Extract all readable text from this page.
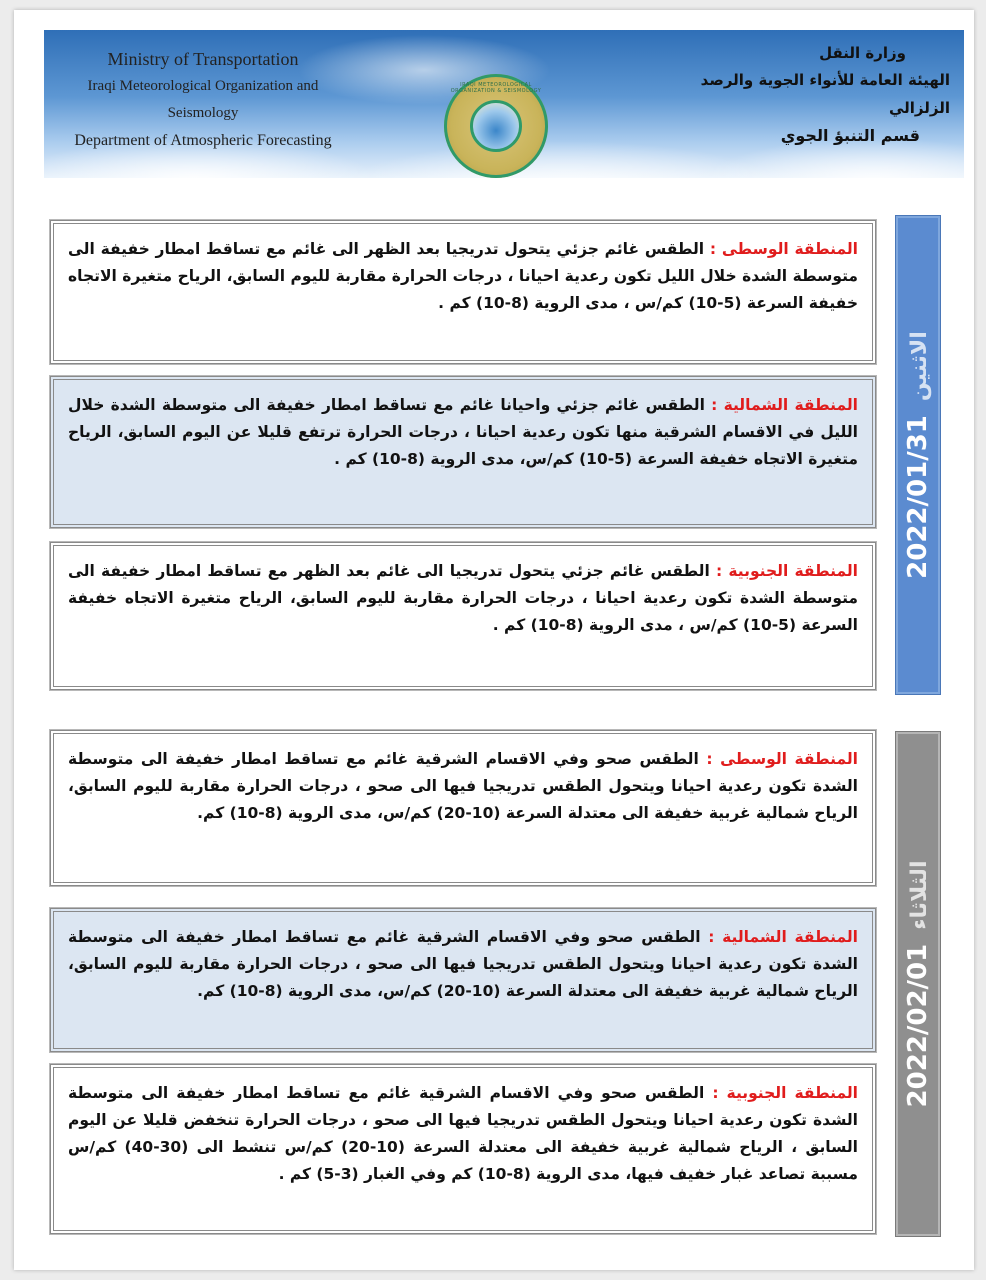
Ministry of Transportation
Iraqi Meteorological Organization and Seismology
Department of Atmospheric Forecasting
IRAQI METEOROLOGICAL ORGANIZATION & SEISMOLOGY
وزارة النقل
الهيئة العامة للأنواء الجوية والرصد الزلزالي
قسم التنبؤ الجوي
المنطقة الوسطى : الطقس غائم جزئي يتحول تدريجيا بعد الظهر الى غائم مع تساقط امطار خفيفة الى متوسطة الشدة خلال الليل تكون رعدية احيانا ، درجات الحرارة مقاربة لليوم السابق، الرياح متغيرة الاتجاه خفيفة السرعة (5-10) كم/س ، مدى الروية (8-10) كم .
المنطقة الشمالية : الطقس غائم جزئي واحيانا غائم مع تساقط امطار خفيفة الى متوسطة الشدة خلال الليل في الاقسام الشرقية منها تكون رعدية احيانا ، درجات الحرارة ترتفع قليلا عن اليوم السابق، الرياح متغيرة الاتجاه خفيفة السرعة (5-10) كم/س، مدى الروية (8-10) كم .
المنطقة الجنوبية : الطقس غائم جزئي يتحول تدريجيا الى غائم بعد الظهر مع تساقط امطار خفيفة الى متوسطة الشدة تكون رعدية احيانا ، درجات الحرارة مقاربة لليوم السابق، الرياح متغيرة الاتجاه خفيفة السرعة (5-10) كم/س ، مدى الروية (8-10) كم .
2022/01/31الاثنين
المنطقة الوسطى : الطقس صحو وفي الاقسام الشرقية غائم مع تساقط امطار خفيفة الى متوسطة الشدة تكون رعدية احيانا ويتحول الطقس تدريجيا فيها الى صحو ، درجات الحرارة مقاربة لليوم السابق، الرياح شمالية غربية خفيفة الى معتدلة السرعة (10-20) كم/س، مدى الروية (8-10) كم.
المنطقة الشمالية : الطقس صحو وفي الاقسام الشرقية غائم مع تساقط امطار خفيفة الى متوسطة الشدة تكون رعدية احيانا ويتحول الطقس تدريجيا فيها الى صحو ، درجات الحرارة مقاربة لليوم السابق، الرياح شمالية غربية خفيفة الى معتدلة السرعة (10-20) كم/س، مدى الروية (8-10) كم.
المنطقة الجنوبية : الطقس صحو وفي الاقسام الشرقية غائم مع تساقط امطار خفيفة الى متوسطة الشدة تكون رعدية احيانا ويتحول الطقس تدريجيا فيها الى صحو ، درجات الحرارة تنخفض قليلا عن اليوم السابق ، الرياح شمالية غربية خفيفة الى معتدلة السرعة (10-20) كم/س تنشط الى (30-40) كم/س مسببة تصاعد غبار خفيف فيها، مدى الروية (8-10) كم وفي الغبار (3-5) كم .
2022/02/01الثلاثاء
